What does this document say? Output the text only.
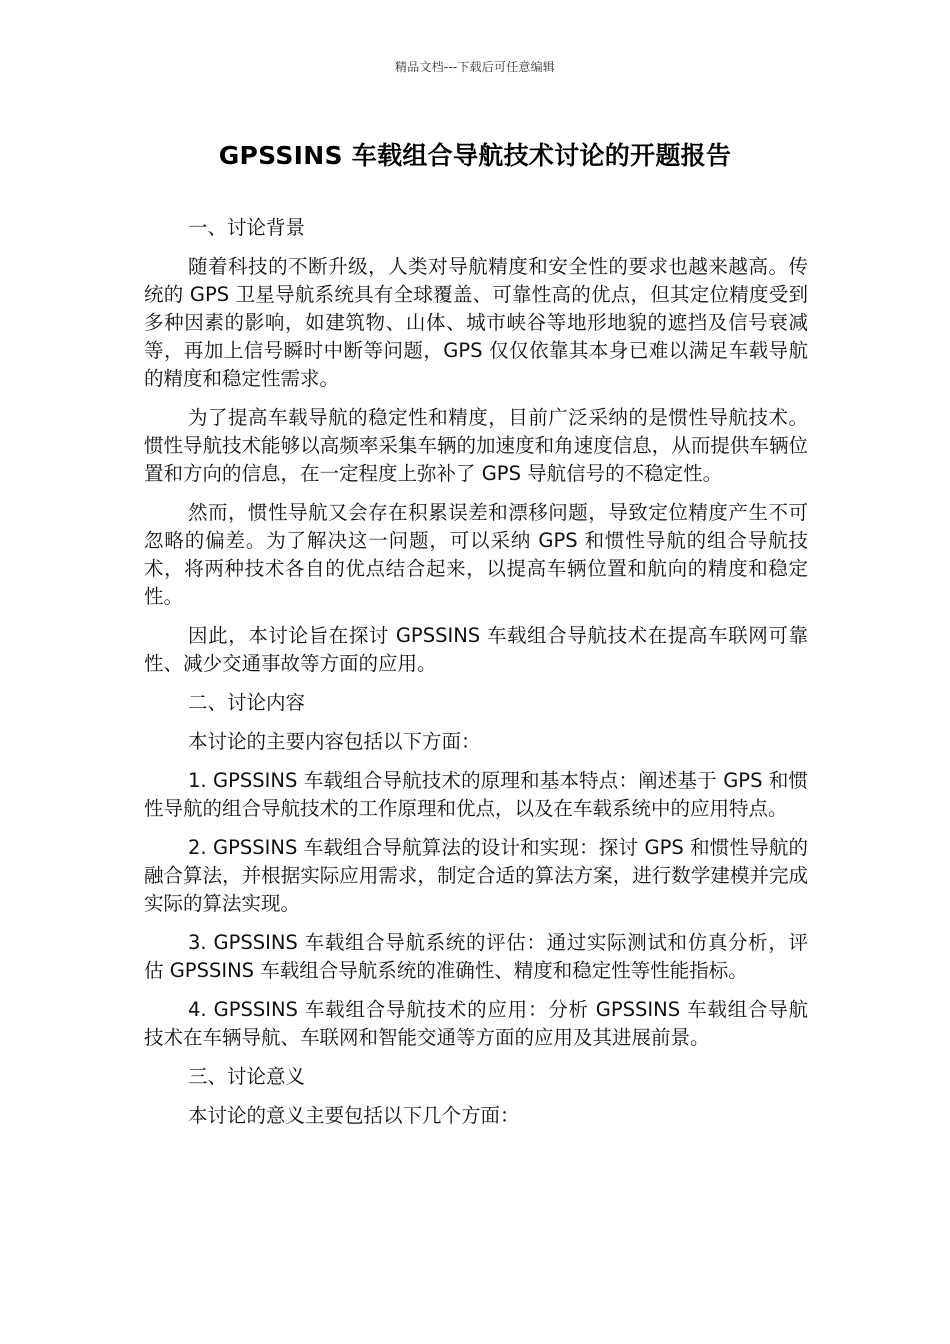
精品文档---下载后可任意编辑
GPSSINS 车载组合导航技术讨论的开题报告

一、讨论背景

随着科技的不断升级，人类对导航精度和安全性的要求也越来越高。传统的 GPS 卫星导航系统具有全球覆盖、可靠性高的优点，但其定位精度受到多种因素的影响，如建筑物、山体、城市峡谷等地形地貌的遮挡及信号衰减等，再加上信号瞬时中断等问题，GPS 仅仅依靠其本身已难以满足车载导航的精度和稳定性需求。

为了提高车载导航的稳定性和精度，目前广泛采纳的是惯性导航技术。惯性导航技术能够以高频率采集车辆的加速度和角速度信息，从而提供车辆位置和方向的信息，在一定程度上弥补了 GPS 导航信号的不稳定性。

然而，惯性导航又会存在积累误差和漂移问题，导致定位精度产生不可忽略的偏差。为了解决这一问题，可以采纳 GPS 和惯性导航的组合导航技术，将两种技术各自的优点结合起来，以提高车辆位置和航向的精度和稳定性。

因此，本讨论旨在探讨 GPSSINS 车载组合导航技术在提高车联网可靠性、减少交通事故等方面的应用。

二、讨论内容

本讨论的主要内容包括以下方面：

1. GPSSINS 车载组合导航技术的原理和基本特点：阐述基于 GPS 和惯性导航的组合导航技术的工作原理和优点，以及在车载系统中的应用特点。

2. GPSSINS 车载组合导航算法的设计和实现：探讨 GPS 和惯性导航的融合算法，并根据实际应用需求，制定合适的算法方案，进行数学建模并完成实际的算法实现。

3. GPSSINS 车载组合导航系统的评估：通过实际测试和仿真分析，评估 GPSSINS 车载组合导航系统的准确性、精度和稳定性等性能指标。

4. GPSSINS 车载组合导航技术的应用：分析 GPSSINS 车载组合导航技术在车辆导航、车联网和智能交通等方面的应用及其进展前景。

三、讨论意义

本讨论的意义主要包括以下几个方面：
